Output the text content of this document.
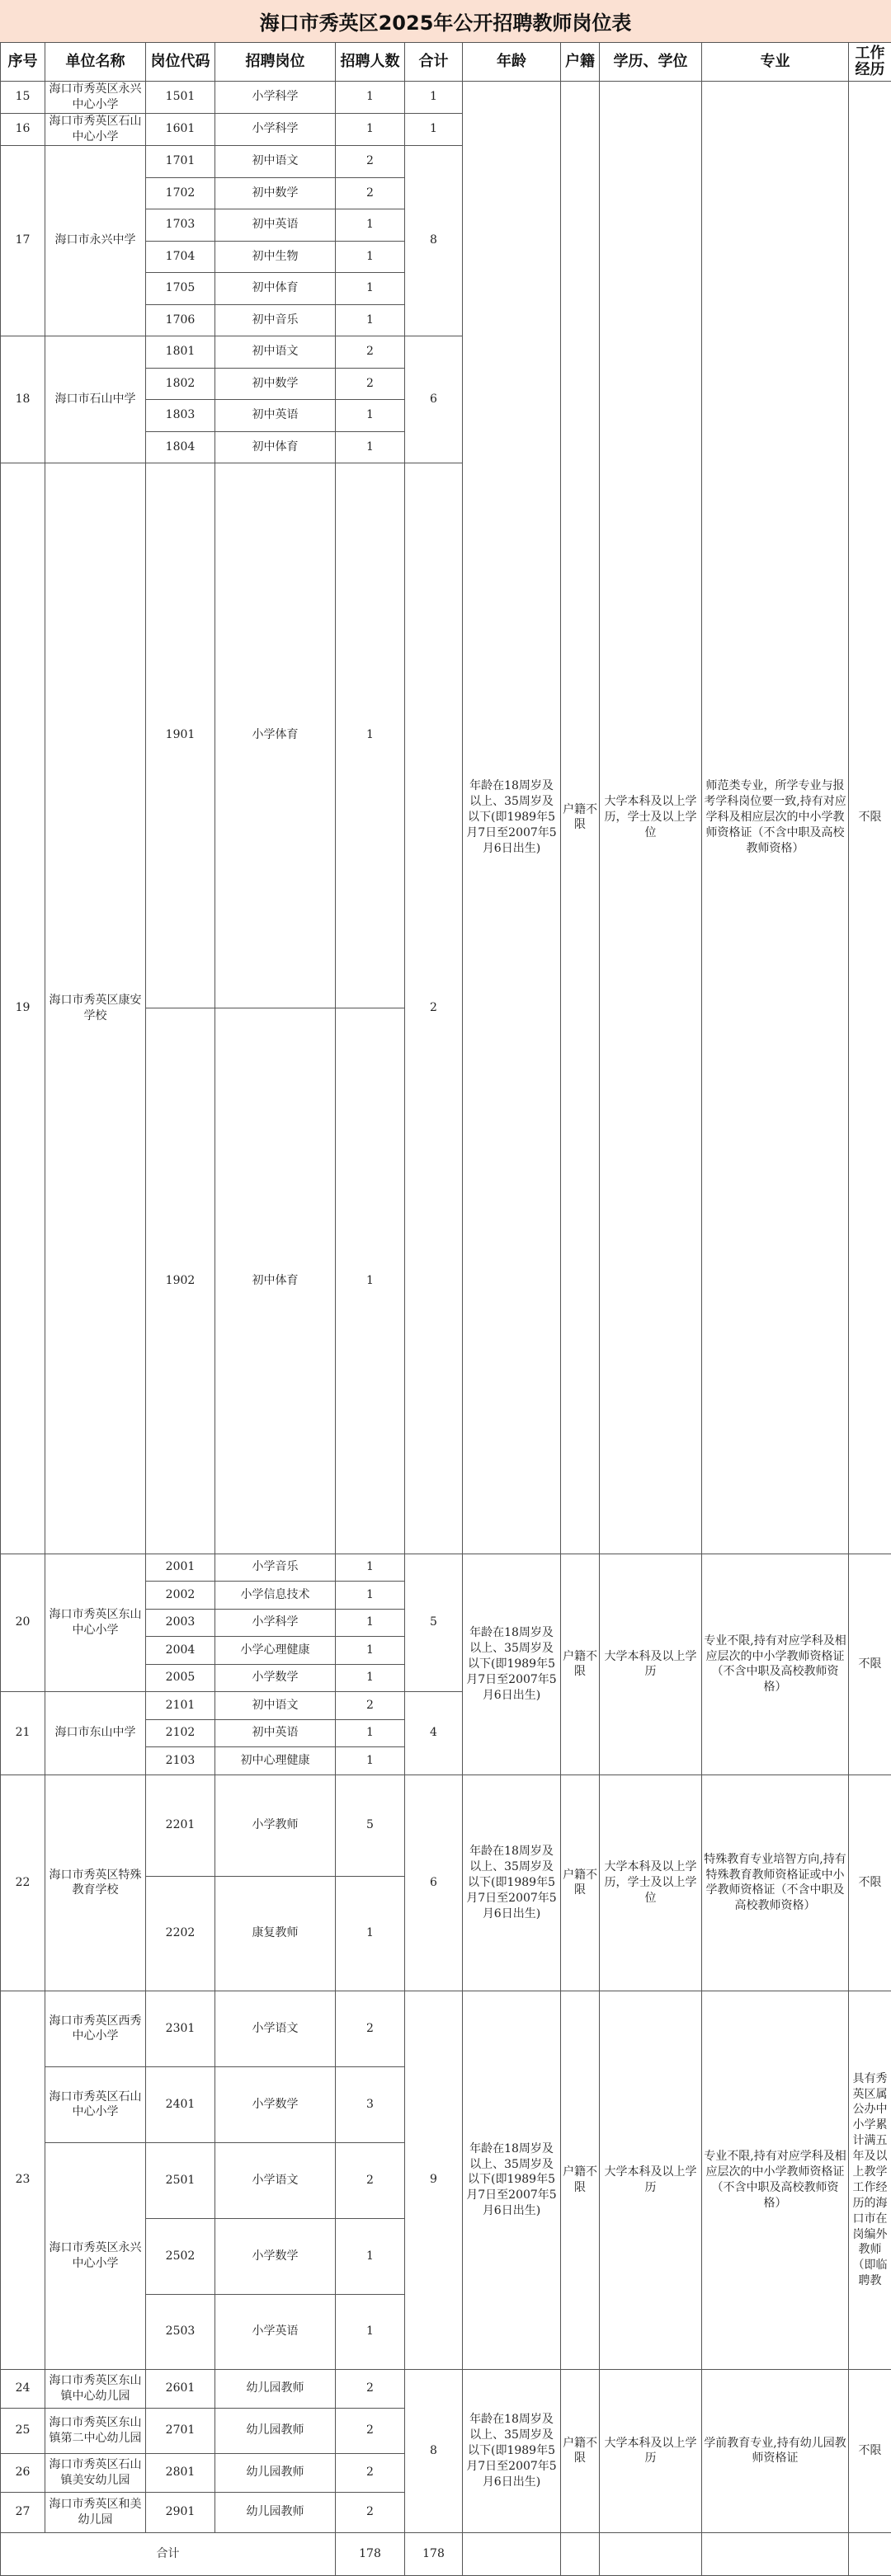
海口市秀英区2025年公开招聘教师岗位表
序号	单位名称	岗位代码	招聘岗位	招聘人数	合计	年龄	户籍	学历、学位	专业	工作经历	
15	海口市秀英区永兴中心小学	1501	小学科学	1	1	年龄在18周岁及以上、35周岁及以下(即1989年5月7日至2007年5月6日出生)	户籍不限	大学本科及以上学历，学士及以上学位	师范类专业，所学专业与报考学科岗位要一致,持有对应学科及相应层次的中小学教师资格证（不含中职及高校教师资格）	不限	
16	海口市秀英区石山中心小学	1601	小学科学	1	1						
17	海口市永兴中学	1701	初中语文	2	8						
		1702	初中数学	2							
		1703	初中英语	1							
		1704	初中生物	1							
		1705	初中体育	1							
		1706	初中音乐	1							
18	海口市石山中学	1801	初中语文	2	6						
		1802	初中数学	2							
		1803	初中英语	1							
		1804	初中体育	1							
19	海口市秀英区康安学校	1901	小学体育	1	2					
		1902	初中体育	1							
20	海口市秀英区东山中心小学	2001	小学音乐	1	5	年龄在18周岁及以上、35周岁及以下(即1989年5月7日至2007年5月6日出生)	户籍不限	大学本科及以上学历	专业不限,持有对应学科及相应层次的中小学教师资格证（不含中职及高校教师资格）	不限	
		2002	小学信息技术	1							
		2003	小学科学	1							
		2004	小学心理健康	1							
		2005	小学数学	1							
21	海口市东山中学	2101	初中语文	2	4						
		2102	初中英语	1							
		2103	初中心理健康	1							
22	海口市秀英区特殊教育学校	2201	小学教师	5	6	年龄在18周岁及以上、35周岁及以下(即1989年5月7日至2007年5月6日出生)	户籍不限	大学本科及以上学历，学士及以上学位	特殊教育专业培智方向,持有特殊教育教师资格证或中小学教师资格证（不含中职及高校教师资格）	不限	
		2202	康复教师	1							
23	海口市秀英区西秀中心小学	2301	小学语文	2	9	年龄在18周岁及以上、35周岁及以下(即1989年5月7日至2007年5月6日出生)	户籍不限	大学本科及以上学历	专业不限,持有对应学科及相应层次的中小学教师资格证（不含中职及高校教师资格）	具有秀英区属公办中小学累计满五年及以上教学工作经历的海口市在岗编外教师（即临聘教	
	海口市秀英区石山中心小学	2401	小学数学	3							
	海口市秀英区永兴中心小学	2501	小学语文	2							
		2502	小学数学	1							
		2503	小学英语	1							
24	海口市秀英区东山镇中心幼儿园	2601	幼儿园教师	2	8	年龄在18周岁及以上、35周岁及以下(即1989年5月7日至2007年5月6日出生)	户籍不限	大学本科及以上学历	学前教育专业,持有幼儿园教师资格证	不限	
25	海口市秀英区东山镇第二中心幼儿园	2701	幼儿园教师	2							
26	海口市秀英区石山镇美安幼儿园	2801	幼儿园教师	2							
27	海口市秀英区和美幼儿园	2901	幼儿园教师	2							
合计				178	178						
